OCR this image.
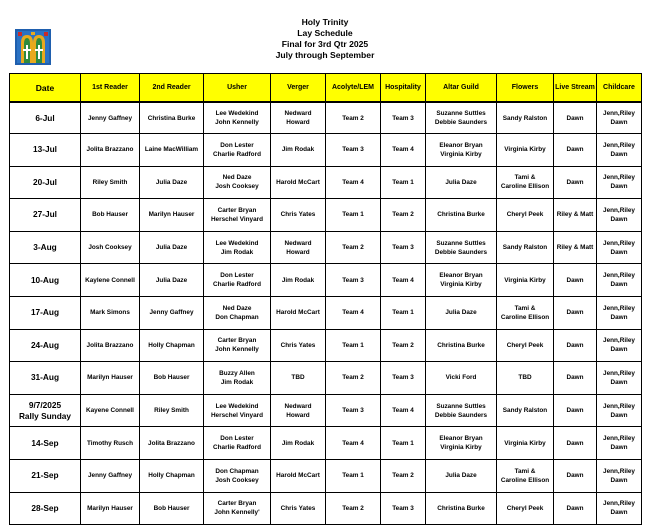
Holy Trinity
Lay Schedule
Final for 3rd Qtr 2025
July through September
Date	1st Reader	2nd Reader	Usher	Verger	Acolyte/LEM	Hospitality	Altar Guild	Flowers	Live Stream	Childcare

6-Jul	Jenny Gaffney	Christina Burke	Lee Wedekind
John Kennelly	Nedward
Howard	Team 2	Team 3	Suzanne Suttles
Debbie Saunders	Sandy Ralston	Dawn	Jenn,Riley
Dawn

13-Jul	Jolita Brazzano	Laine MacWilliam	Don Lester
Charlie Radford	Jim Rodak	Team 3	Team 4	Eleanor Bryan
Virginia Kirby	Virginia Kirby	Dawn	Jenn,Riley
Dawn

20-Jul	Riley Smith	Julia Daze	Ned Daze
Josh Cooksey	Harold McCart	Team 4	Team 1	Julia Daze	Tami &
Caroline Ellison	Dawn	Jenn,Riley
Dawn

27-Jul	Bob Hauser	Marilyn Hauser	Carter Bryan
Herschel Vinyard	Chris Yates	Team 1	Team 2	Christina Burke	Cheryl Peek	Riley & Matt	Jenn,Riley
Dawn

3-Aug	Josh Cooksey	Julia Daze	Lee Wedekind
Jim Rodak	Nedward
Howard	Team 2	Team 3	Suzanne Suttles
Debbie Saunders	Sandy Ralston	Riley & Matt	Jenn,Riley
Dawn

10-Aug	Kaylene Connell	Julia Daze	Don Lester
Charlie Radford	Jim Rodak	Team 3	Team 4	Eleanor Bryan
Virginia Kirby	Virginia Kirby	Dawn	Jenn,Riley
Dawn

17-Aug	Mark Simons	Jenny Gaffney	Ned Daze
Don Chapman	Harold McCart	Team 4	Team 1	Julia Daze	Tami &
Caroline Ellison	Dawn	Jenn,Riley
Dawn

24-Aug	Jolita Brazzano	Holly Chapman	Carter Bryan
John Kennelly	Chris Yates	Team 1	Team 2	Christina Burke	Cheryl Peek	Dawn	Jenn,Riley
Dawn

31-Aug	Marilyn Hauser	Bob Hauser	Buzzy Allen
Jim Rodak	TBD	Team 2	Team 3	Vicki Ford	TBD	Dawn	Jenn,Riley
Dawn

9/7/2025
Rally Sunday	Kayene Connell	Riley Smith	Lee Wedekind
Herschel Vinyard	Nedward
Howard	Team 3	Team 4	Suzanne Suttles
Debbie Saunders	Sandy Ralston	Dawn	Jenn,Riley
Dawn

14-Sep	Timothy Rusch	Jolita Brazzano	Don Lester
Charlie Radford	Jim Rodak	Team 4	Team 1	Eleanor Bryan
Virginia Kirby	Virginia Kirby	Dawn	Jenn,Riley
Dawn

21-Sep	Jenny Gaffney	Holly Chapman	Don Chapman
Josh Cooksey	Harold McCart	Team 1	Team 2	Julia Daze	Tami &
Caroline Ellison	Dawn	Jenn,Riley
Dawn

28-Sep	Marilyn Hauser	Bob Hauser	Carter Bryan
John Kennelly'	Chris Yates	Team 2	Team 3	Christina Burke	Cheryl Peek	Dawn	Jenn,Riley
Dawn
